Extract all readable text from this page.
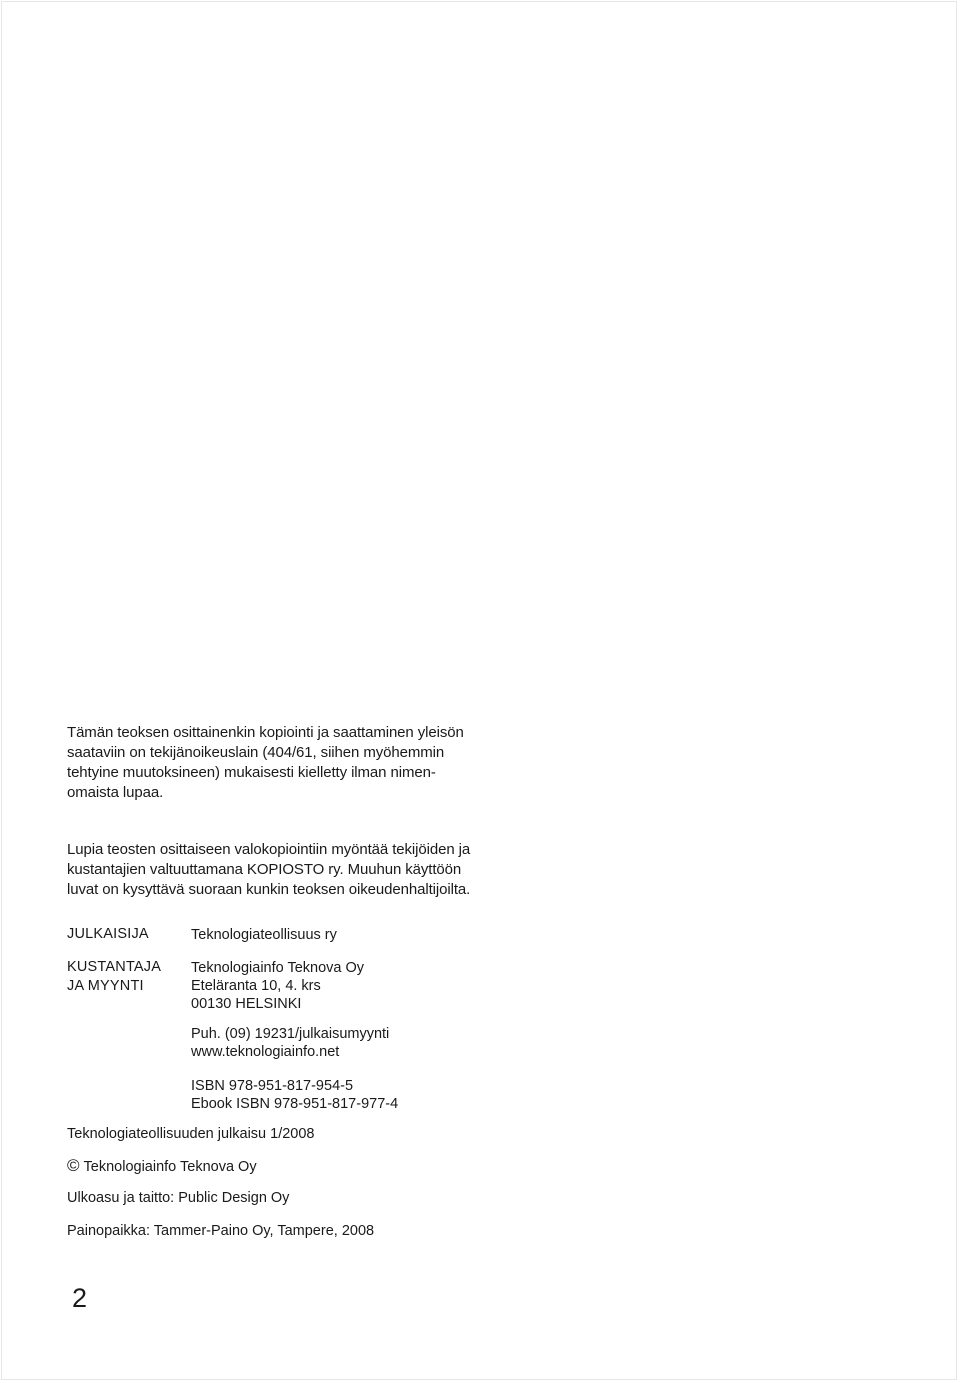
Tämän teoksen osittainenkin kopiointi ja saattaminen yleisön
saataviin on tekijänoikeuslain (404/61, siihen myöhemmin
tehtyine muutoksineen) mukaisesti kielletty ilman nimen-
omaista lupaa.
Lupia teosten osittaiseen valokopiointiin myöntää tekijöiden ja
kustantajien valtuuttamana KOPIOSTO ry. Muuhun käyttöön
luvat on kysyttävä suoraan kunkin teoksen oikeudenhaltijoilta.
JULKAISIJA	Teknologiateollisuus ry
KUSTANTAJA
JA MYYNTI
Teknologiainfo Teknova Oy
Eteläranta 10, 4. krs
00130 HELSINKI
Puh. (09) 19231/julkaisumyynti
www.teknologiainfo.net
ISBN 978-951-817-954-5
Ebook ISBN 978-951-817-977-4
Teknologiateollisuuden julkaisu 1/2008
© Teknologiainfo Teknova Oy
Ulkoasu ja taitto: Public Design Oy
Painopaikka: Tammer-Paino Oy, Tampere, 2008
2
